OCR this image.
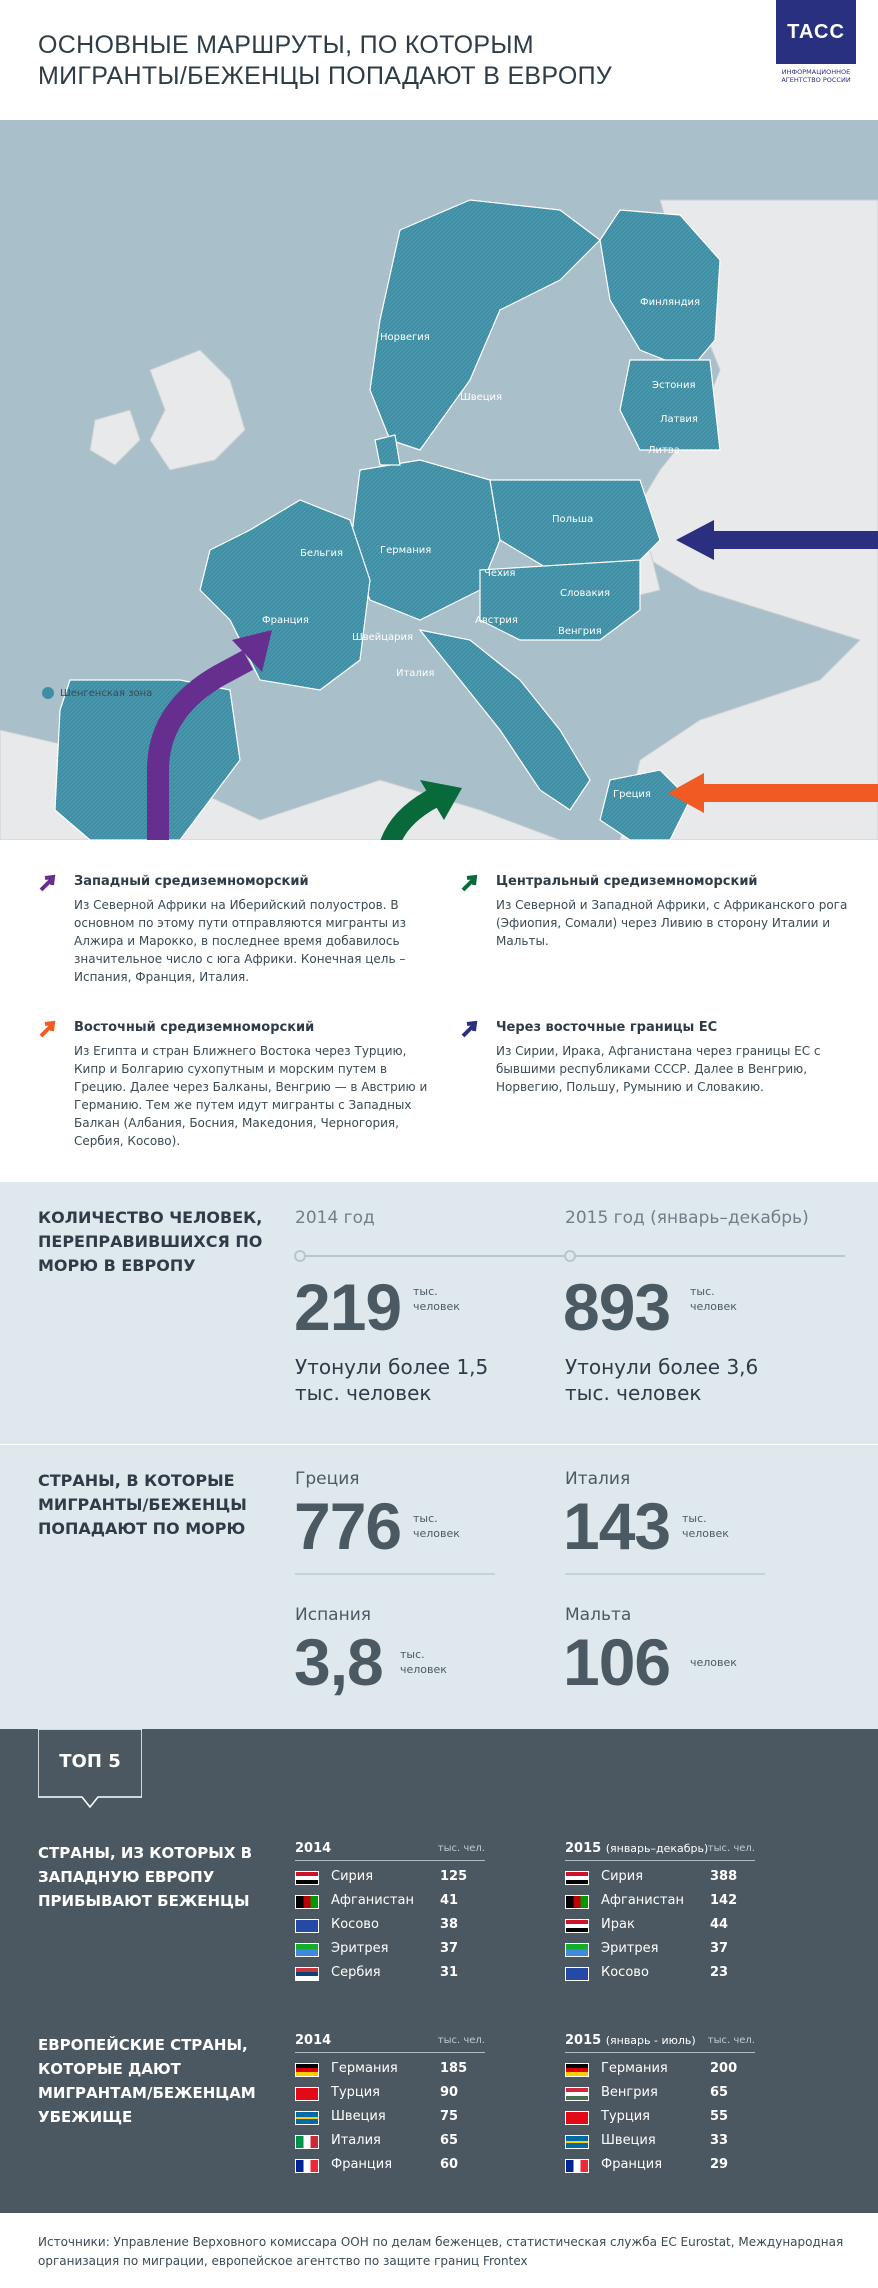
ОСНОВНЫЕ МАРШРУТЫ, ПО КОТОРЫМ МИГРАНТЫ/БЕЖЕНЦЫ ПОПАДАЮТ В ЕВРОПУ
ТАСС
ИНФОРМАЦИОННОЕ АГЕНТСТВО РОССИИ
Финляндия
Норвегия
Швеция
Эстония
Латвия
Литва
Польша
Германия
Бельгия
Чехия
Словакия
Австрия
Венгрия
Франция
Швейцария
Италия
Греция
Шенгенская зона
Западный средиземноморский
Из Северной Африки на Иберийский полуостров. В основном по этому пути отправляются мигранты из Алжира и Марокко, в последнее время добавилось значительное число с юга Африки. Конечная цель – Испания, Франция, Италия.
Центральный средиземноморский
Из Северной и Западной Африки, с Африканского рога (Эфиопия, Сомали) через Ливию в сторону Италии и Мальты.
Восточный средиземноморский
Из Египта и стран Ближнего Востока через Турцию, Кипр и Болгарию сухопутным и морским путем в Грецию. Далее через Балканы, Венгрию — в Австрию и Германию. Тем же путем идут мигранты с Западных Балкан (Албания, Босния, Македония, Черногория, Сербия, Косово).
Через восточные границы ЕС
Из Сирии, Ирака, Афганистана через границы ЕС с бывшими республиками СССР. Далее в Венгрию, Норвегию, Польшу, Румынию и Словакию.
КОЛИЧЕСТВО ЧЕЛОВЕК, ПЕРЕПРАВИВШИХСЯ ПО МОРЮ В ЕВРОПУ
2014 год	2015 год (январь–декабрь)
219 тыс. человек 893 тыс. человек
Утонули более 1,5 тыс. человек
Утонули более 3,6 тыс. человек
СТРАНЫ, В КОТОРЫЕ МИГРАНТЫ/БЕЖЕНЦЫ ПОПАДАЮТ ПО МОРЮ
Греция
776 тыс. человек
Италия
143 тыс. человек
Испания
3,8 тыс. человек
Мальта
106 человек
ТОП 5
СТРАНЫ, ИЗ КОТОРЫХ В ЗАПАДНУЮ ЕВРОПУ ПРИБЫВАЮТ БЕЖЕНЦЫ
2014	тыс. чел.
Сирия	125
Афганистан 41
Косово	38
Эритрея	37
Сербия	31
2015 (январь–декабрь) тыс. чел.
Сирия	388
Афганистан 142
Ирак	44
Эритрея	37
Косово	23
ЕВРОПЕЙСКИЕ СТРАНЫ, КОТОРЫЕ ДАЮТ МИГРАНТАМ/БЕЖЕНЦАМ УБЕЖИЩЕ
2014	тыс. чел.
Германия	185
Турция	90
Швеция	75
Италия	65
Франция	60
2015 (январь - июль) тыс. чел.
Германия	200
Венгрия	65
Турция	55
Швеция	33
Франция	29
Источники: Управление Верховного комиссара ООН по делам беженцев, статистическая служба ЕС Eurostat, Международная организация по миграции, европейское агентство по защите границ Frontex
